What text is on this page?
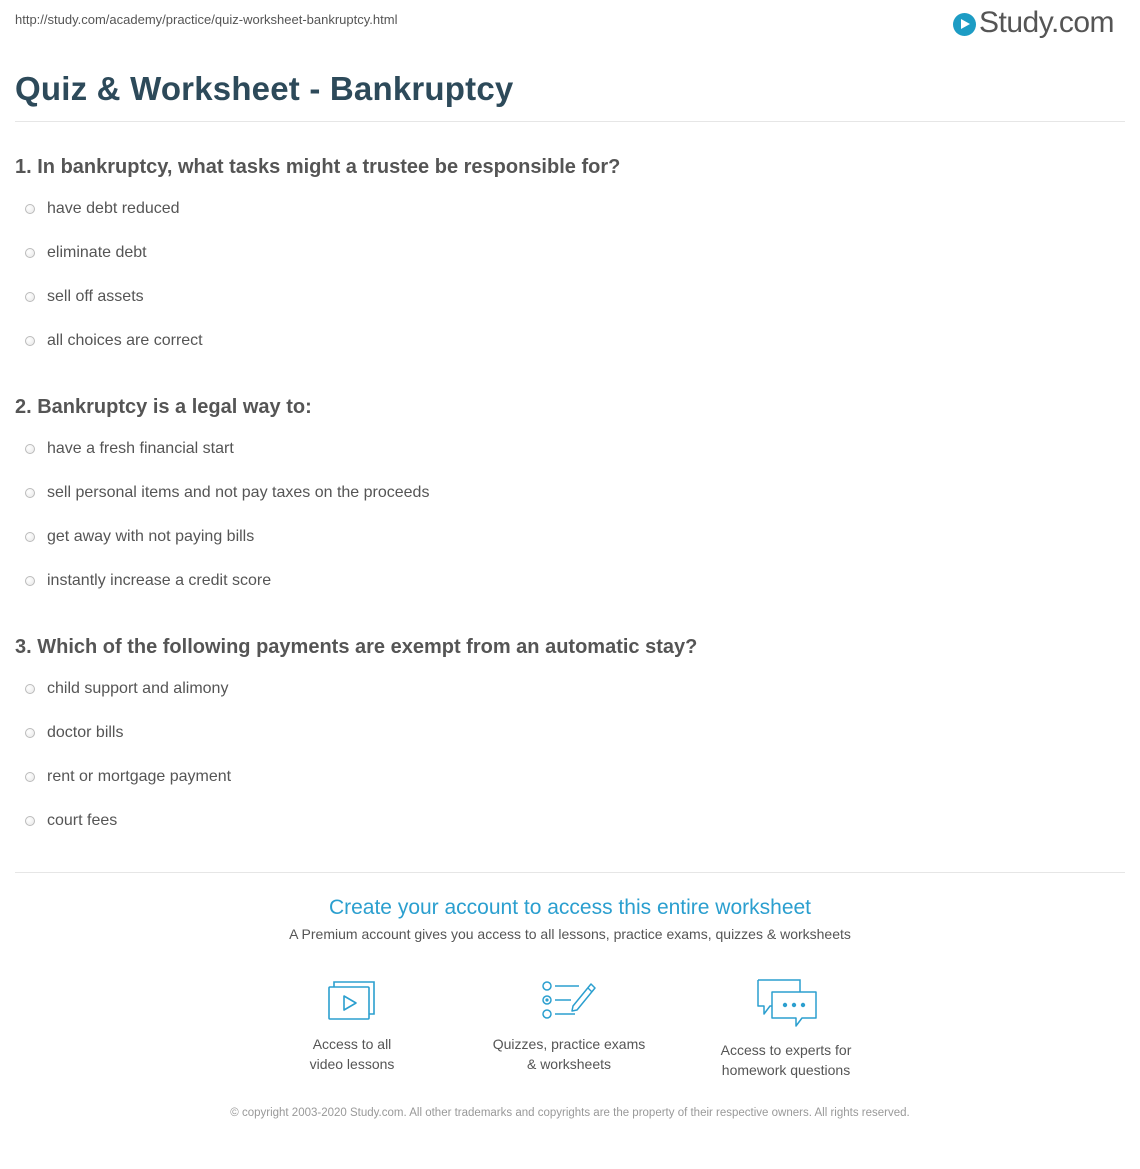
http://study.com/academy/practice/quiz-worksheet-bankruptcy.html	Study.com
Quiz & Worksheet - Bankruptcy
1. In bankruptcy, what tasks might a trustee be responsible for?
have debt reduced
eliminate debt
sell off assets
all choices are correct
2. Bankruptcy is a legal way to:
have a fresh financial start
sell personal items and not pay taxes on the proceeds
get away with not paying bills
instantly increase a credit score
3. Which of the following payments are exempt from an automatic stay?
child support and alimony
doctor bills
rent or mortgage payment
court fees
Create your account to access this entire worksheet
A Premium account gives you access to all lessons, practice exams, quizzes & worksheets
Access to all
video lessons
Quizzes, practice exams
& worksheets
Access to experts for
homework questions
© copyright 2003-2020 Study.com. All other trademarks and copyrights are the property of their respective owners. All rights reserved.
